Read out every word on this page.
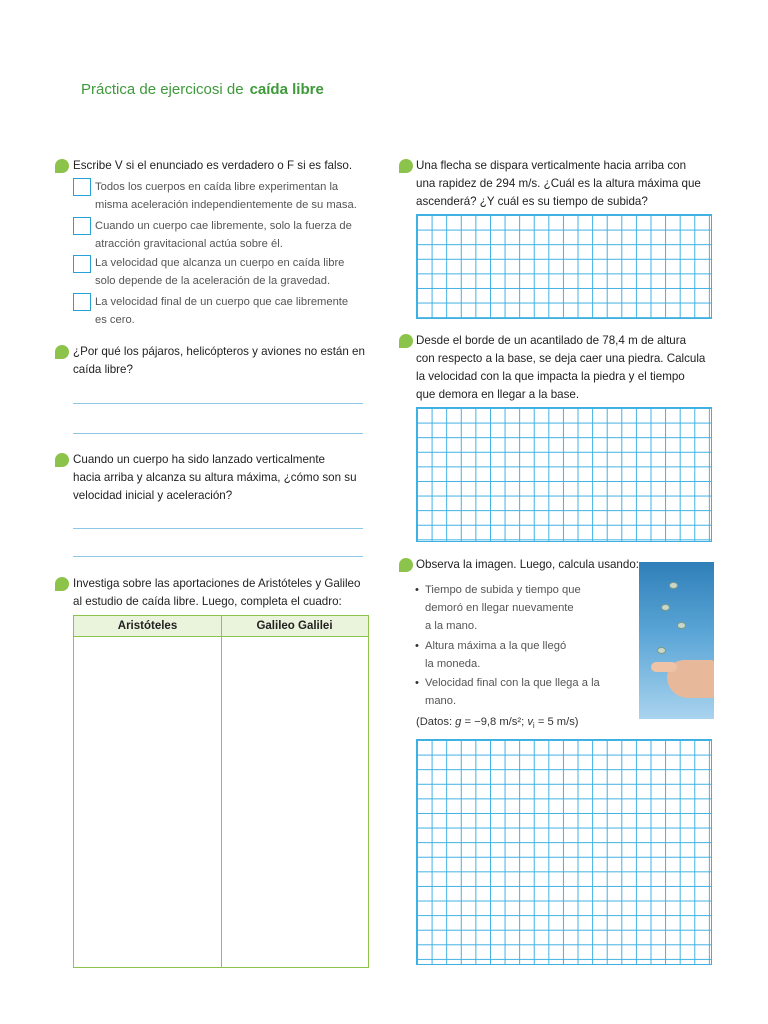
Práctica de ejercicosi de caída libre
Escribe V si el enunciado es verdadero o F si es falso.
Todos los cuerpos en caída libre experimentan la
misma aceleración independientemente de su masa.
Cuando un cuerpo cae libremente, solo la fuerza de
atracción gravitacional actúa sobre él.
La velocidad que alcanza un cuerpo en caída libre
solo depende de la aceleración de la gravedad.
La velocidad final de un cuerpo que cae libremente
es cero.
¿Por qué los pájaros, helicópteros y aviones no están en
caída libre?
Cuando un cuerpo ha sido lanzado verticalmente
hacia arriba y alcanza su altura máxima, ¿cómo son su
velocidad inicial y aceleración?
Investiga sobre las aportaciones de Aristóteles y Galileo
al estudio de caída libre. Luego, completa el cuadro:
Aristóteles	Galileo Galilei
Una flecha se dispara verticalmente hacia arriba con
una rapidez de 294 m/s. ¿Cuál es la altura máxima que
ascenderá? ¿Y cuál es su tiempo de subida?
Desde el borde de un acantilado de 78,4 m de altura
con respecto a la base, se deja caer una piedra. Calcula
la velocidad con la que impacta la piedra y el tiempo
que demora en llegar a la base.
Observa la imagen. Luego, calcula usando:
• Tiempo de subida y tiempo que
demoró en llegar nuevamente
a la mano.
• Altura máxima a la que llegó
la moneda.
• Velocidad final con la que llega a la
mano.
(Datos: g = −9,8 m/s²; $v_i = 5$ m/s)
